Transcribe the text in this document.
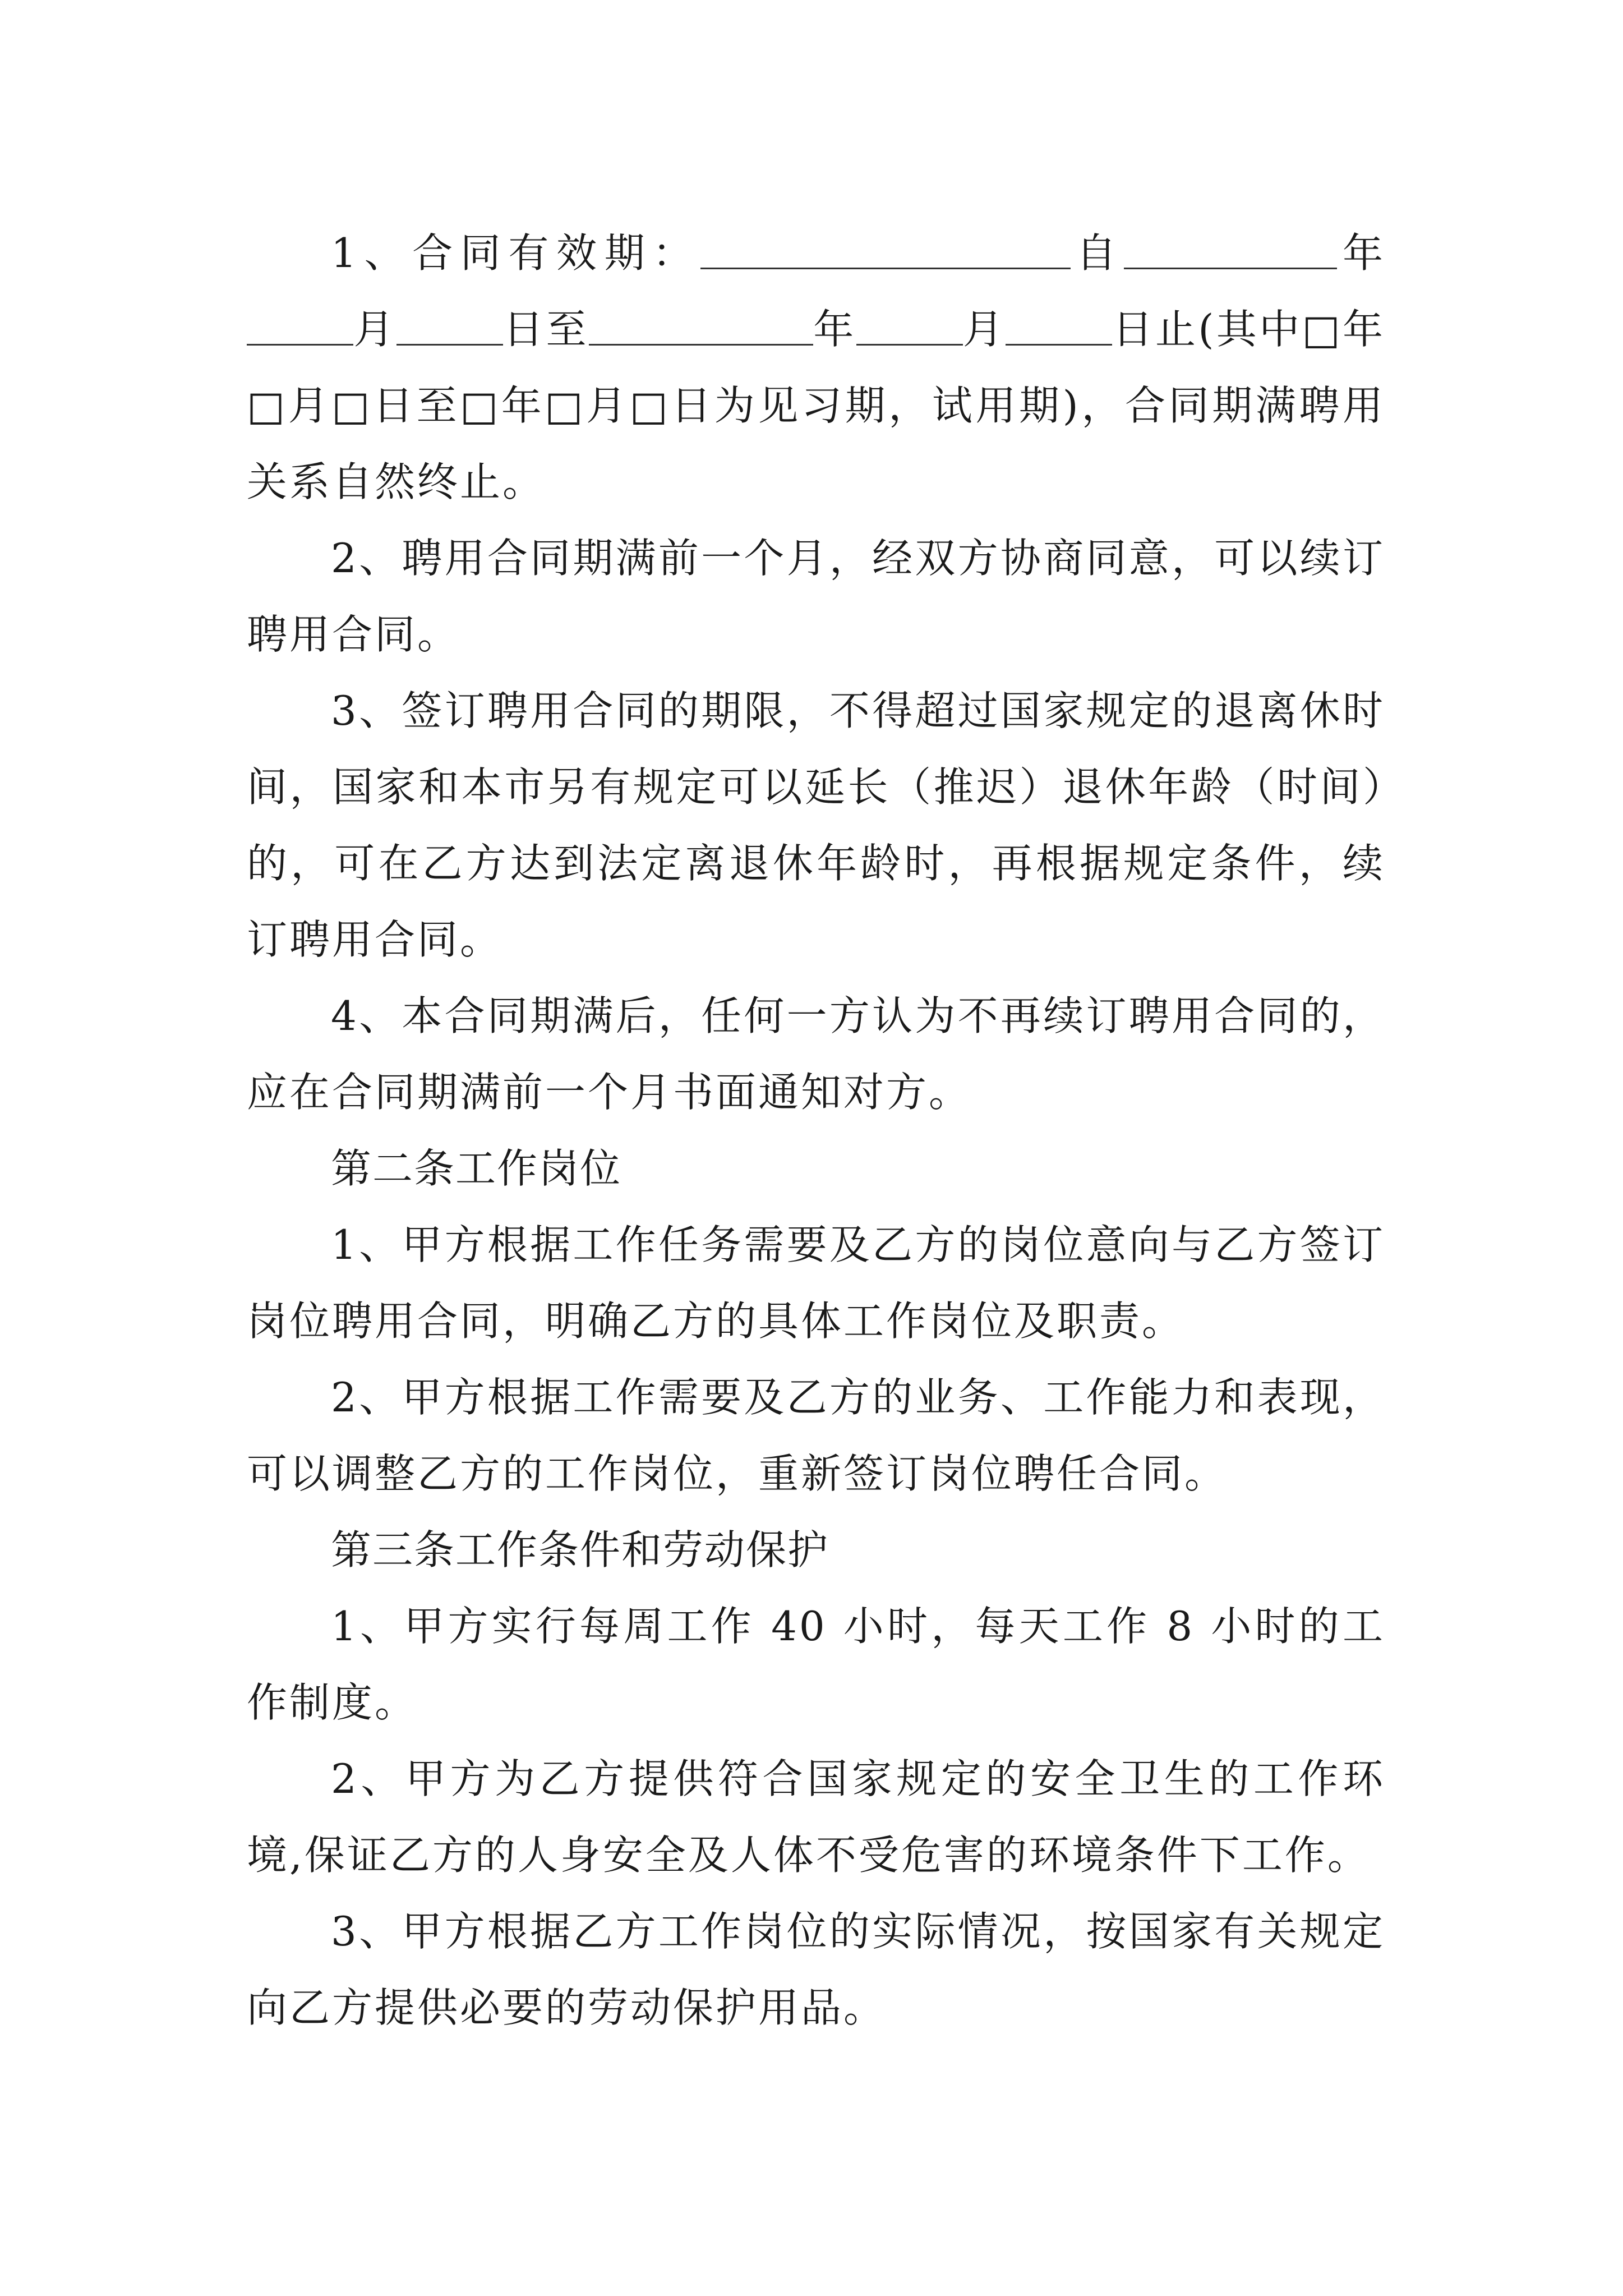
1、合同有效期：	自	年月	日至	年	月	日止(其中□年□月□日至□年□月□日为见习期，试用期)，合同期满聘用关系自然终止。

2、聘用合同期满前一个月，经双方协商同意，可以续订聘用合同。

3、签订聘用合同的期限，不得超过国家规定的退离休时间，国家和本市另有规定可以延长（推迟）退休年龄（时间）的，可在乙方达到法定离退休年龄时，再根据规定条件，续订聘用合同。

4、本合同期满后，任何一方认为不再续订聘用合同的，应在合同期满前一个月书面通知对方。

第二条工作岗位

1、甲方根据工作任务需要及乙方的岗位意向与乙方签订岗位聘用合同，明确乙方的具体工作岗位及职责。

2、甲方根据工作需要及乙方的业务、工作能力和表现，可以调整乙方的工作岗位，重新签订岗位聘任合同。

第三条工作条件和劳动保护

1、甲方实行每周工作 40 小时，每天工作 8 小时的工作制度。

2、甲方为乙方提供符合国家规定的安全卫生的工作环境,保证乙方的人身安全及人体不受危害的环境条件下工作。

3、甲方根据乙方工作岗位的实际情况，按国家有关规定向乙方提供必要的劳动保护用品。
